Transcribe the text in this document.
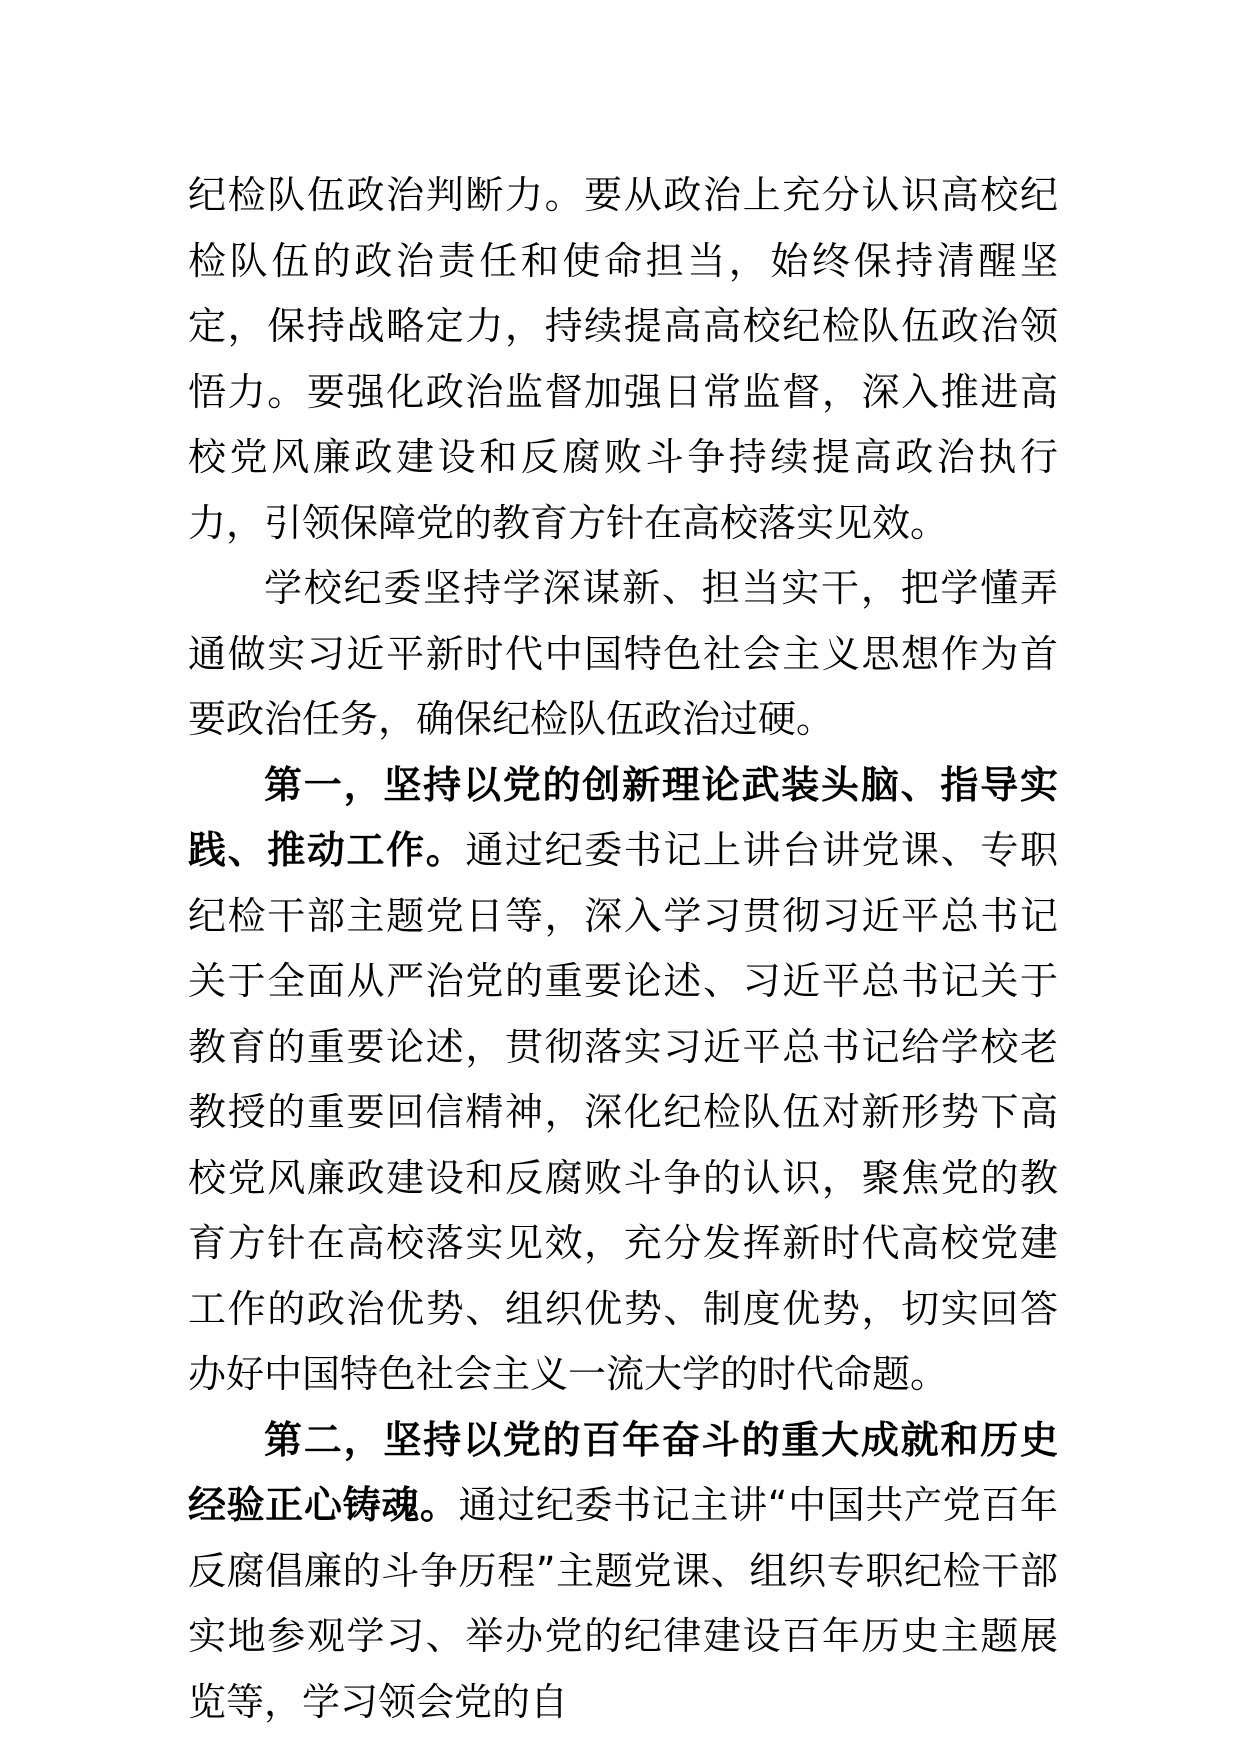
纪检队伍政治判断力。要从政治上充分认识高校纪检队伍的政治责任和使命担当，始终保持清醒坚定，保持战略定力，持续提高高校纪检队伍政治领悟力。要强化政治监督加强日常监督，深入推进高校党风廉政建设和反腐败斗争持续提高政治执行力，引领保障党的教育方针在高校落实见效。

学校纪委坚持学深谋新、担当实干，把学懂弄通做实习近平新时代中国特色社会主义思想作为首要政治任务，确保纪检队伍政治过硬。

第一，坚持以党的创新理论武装头脑、指导实践、推动工作。通过纪委书记上讲台讲党课、专职纪检干部主题党日等，深入学习贯彻习近平总书记关于全面从严治党的重要论述、习近平总书记关于教育的重要论述，贯彻落实习近平总书记给学校老教授的重要回信精神，深化纪检队伍对新形势下高校党风廉政建设和反腐败斗争的认识，聚焦党的教育方针在高校落实见效，充分发挥新时代高校党建工作的政治优势、组织优势、制度优势，切实回答办好中国特色社会主义一流大学的时代命题。

第二，坚持以党的百年奋斗的重大成就和历史经验正心铸魂。通过纪委书记主讲“中国共产党百年反腐倡廉的斗争历程”主题党课、组织专职纪检干部实地参观学习、举办党的纪律建设百年历史主题展览等，学习领会党的自
